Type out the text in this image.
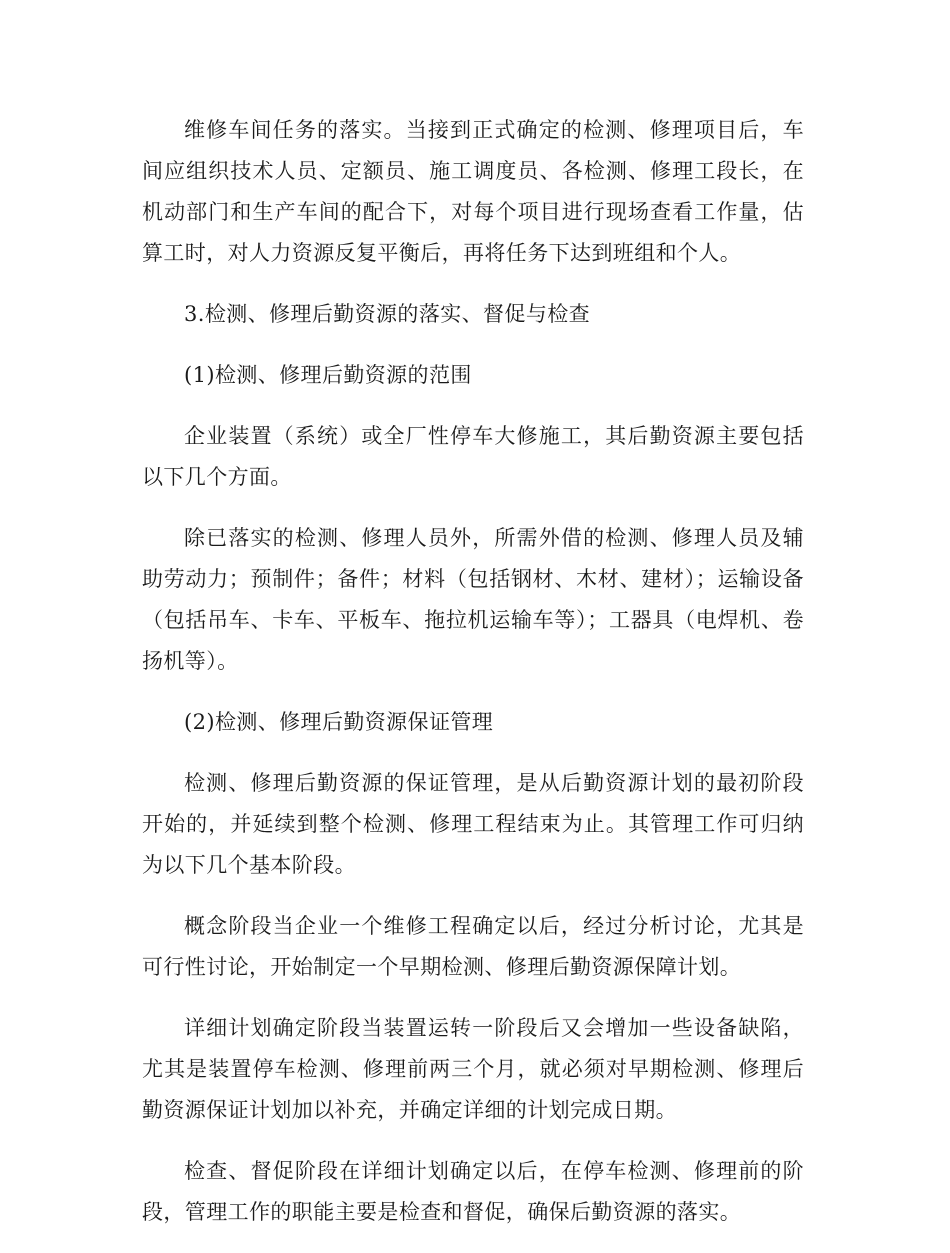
维修车间任务的落实。当接到正式确定的检测、修理项目后，车间应组织技术人员、定额员、施工调度员、各检测、修理工段长，在机动部门和生产车间的配合下，对每个项目进行现场查看工作量，估算工时，对人力资源反复平衡后，再将任务下达到班组和个人。

3.检测、修理后勤资源的落实、督促与检查

(1)检测、修理后勤资源的范围

企业装置（系统）或全厂性停车大修施工，其后勤资源主要包括以下几个方面。

除已落实的检测、修理人员外，所需外借的检测、修理人员及辅助劳动力；预制件；备件；材料（包括钢材、木材、建材）；运输设备（包括吊车、卡车、平板车、拖拉机运输车等）；工器具（电焊机、卷扬机等）。

(2)检测、修理后勤资源保证管理

检测、修理后勤资源的保证管理，是从后勤资源计划的最初阶段开始的，并延续到整个检测、修理工程结束为止。其管理工作可归纳为以下几个基本阶段。

概念阶段当企业一个维修工程确定以后，经过分析讨论，尤其是可行性讨论，开始制定一个早期检测、修理后勤资源保障计划。

详细计划确定阶段当装置运转一阶段后又会增加一些设备缺陷，尤其是装置停车检测、修理前两三个月，就必须对早期检测、修理后勤资源保证计划加以补充，并确定详细的计划完成日期。

检查、督促阶段在详细计划确定以后，在停车检测、修理前的阶段，管理工作的职能主要是检查和督促，确保后勤资源的落实。
